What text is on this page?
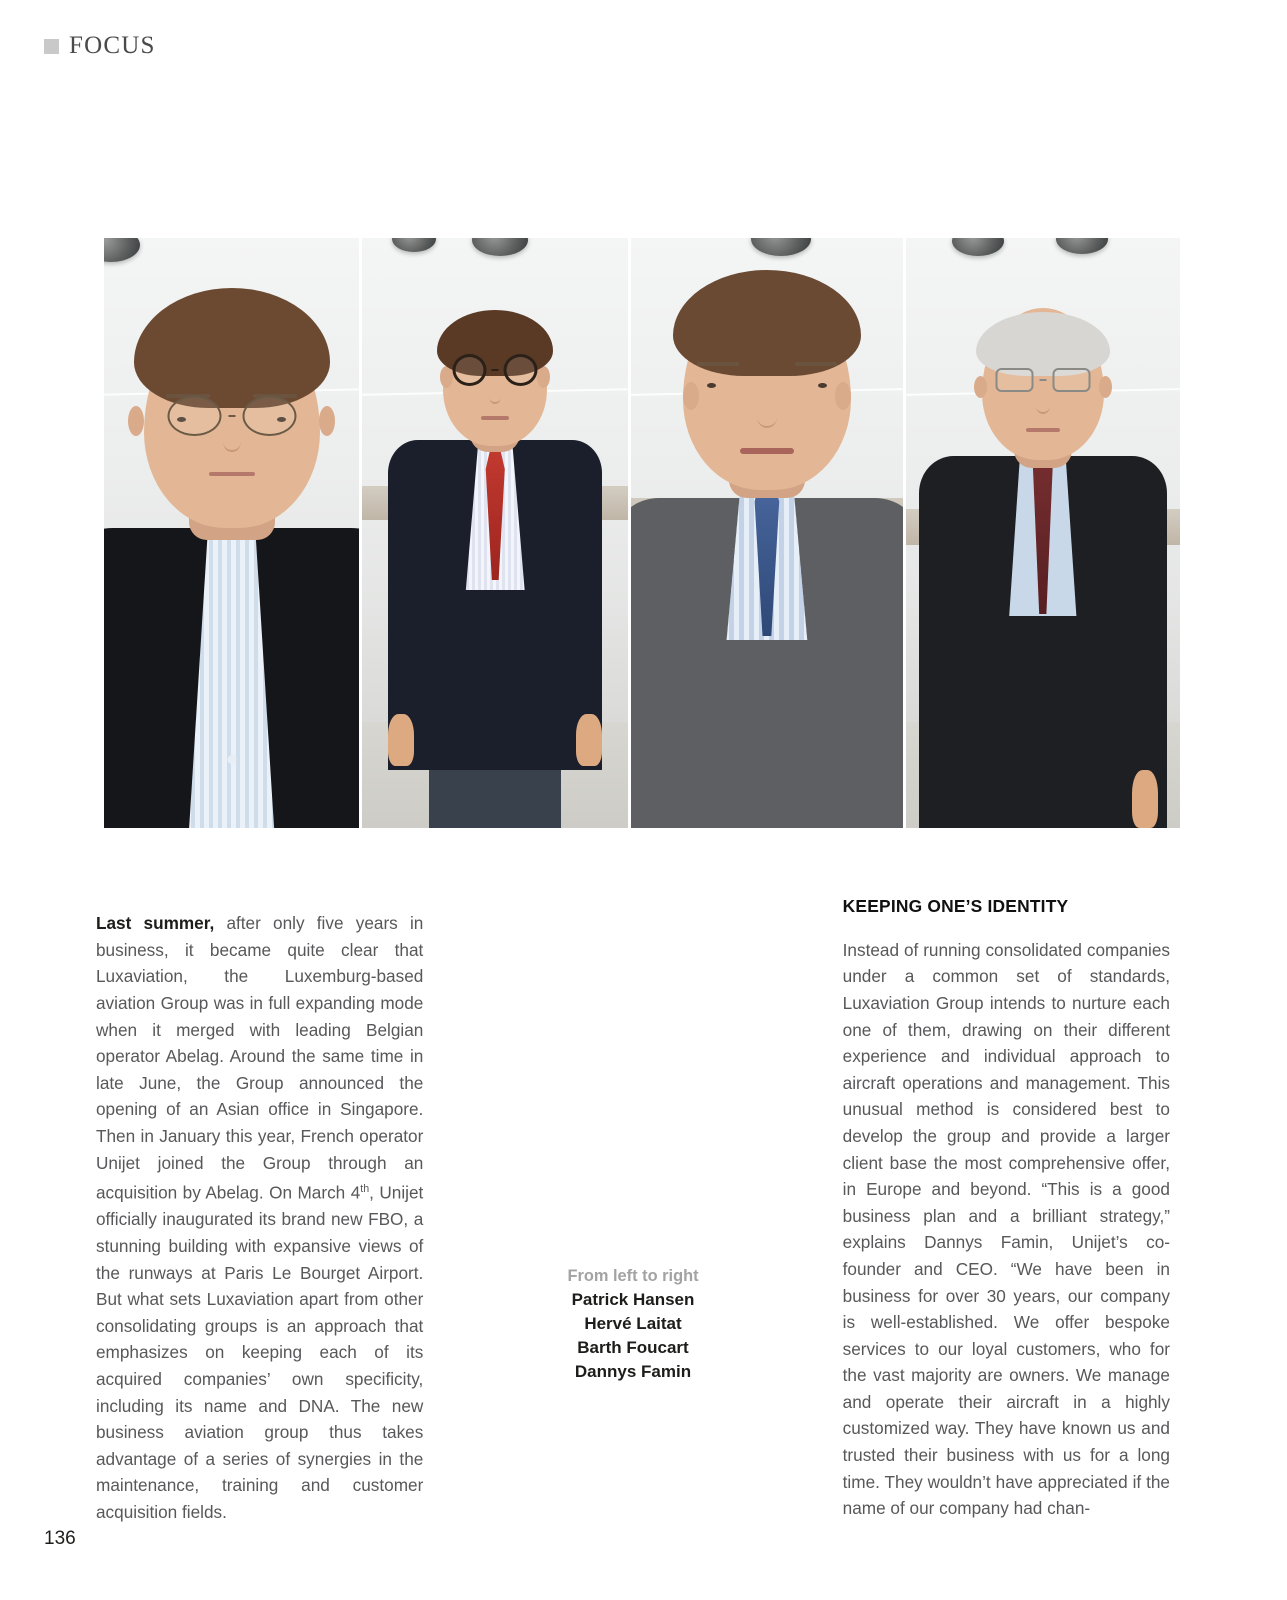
FOCUS

Last summer, after only five years in business, it became quite clear that Luxaviation, the Luxemburg-based aviation Group was in full expanding mode when it merged with leading Belgian operator Abelag. Around the same time in late June, the Group announced the opening of an Asian office in Singapore. Then in January this year, French operator Unijet joined the Group through an acquisition by Abelag. On March 4th, Unijet officially inaugurated its brand new FBO, a stunning building with expansive views of the runways at Paris Le Bourget Airport. But what sets Luxaviation apart from other consolidating groups is an approach that emphasizes on keeping each of its acquired companies’ own specificity, including its name and DNA. The new business aviation group thus takes advantage of a series of synergies in the maintenance, training and customer acquisition fields.

From left to right
Patrick Hansen
Hervé Laitat
Barth Foucart
Dannys Famin
KEEPING ONE’S IDENTITY

Instead of running consolidated companies under a common set of standards, Luxaviation Group intends to nurture each one of them, drawing on their different experience and individual approach to aircraft operations and management. This unusual method is considered best to develop the group and provide a larger client base the most comprehensive offer, in Europe and beyond. “This is a good business plan and a brilliant strategy,” explains Dannys Famin, Unijet’s co-founder and CEO. “We have been in business for over 30 years, our company is well-established. We offer bespoke services to our loyal customers, who for the vast majority are owners. We manage and operate their aircraft in a highly customized way. They have known us and trusted their business with us for a long time. They wouldn’t have appreciated if the name of our company had chan-

136
